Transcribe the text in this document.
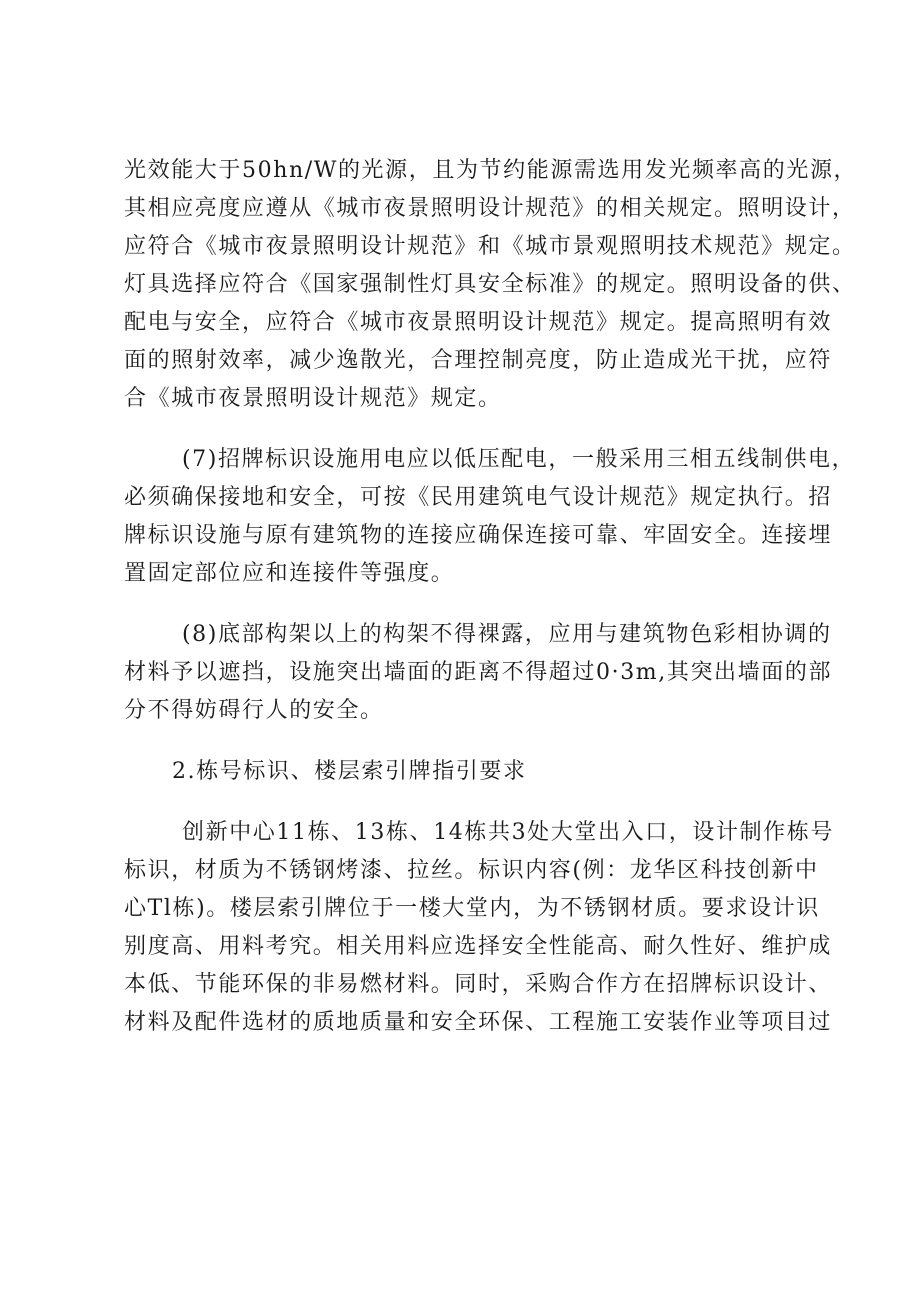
光效能大于50hn/W的光源，且为节约能源需选用发光频率高的光源，
其相应亮度应遵从《城市夜景照明设计规范》的相关规定。照明设计，
应符合《城市夜景照明设计规范》和《城市景观照明技术规范》规定。
灯具选择应符合《国家强制性灯具安全标准》的规定。照明设备的供、
配电与安全，应符合《城市夜景照明设计规范》规定。提高照明有效
面的照射效率，减少逸散光，合理控制亮度，防止造成光干扰，应符
合《城市夜景照明设计规范》规定。
(7)招牌标识设施用电应以低压配电，一般采用三相五线制供电，
必须确保接地和安全，可按《民用建筑电气设计规范》规定执行。招
牌标识设施与原有建筑物的连接应确保连接可靠、牢固安全。连接埋
置固定部位应和连接件等强度。
(8)底部构架以上的构架不得裸露，应用与建筑物色彩相协调的
材料予以遮挡，设施突出墙面的距离不得超过0·3m,其突出墙面的部
分不得妨碍行人的安全。
2.栋号标识、楼层索引牌指引要求
创新中心11栋、13栋、14栋共3处大堂出入口，设计制作栋号
标识，材质为不锈钢烤漆、拉丝。标识内容(例：龙华区科技创新中
心Tl栋)。楼层索引牌位于一楼大堂内，为不锈钢材质。要求设计识
别度高、用料考究。相关用料应选择安全性能高、耐久性好、维护成
本低、节能环保的非易燃材料。同时，采购合作方在招牌标识设计、
材料及配件选材的质地质量和安全环保、工程施工安装作业等项目过
